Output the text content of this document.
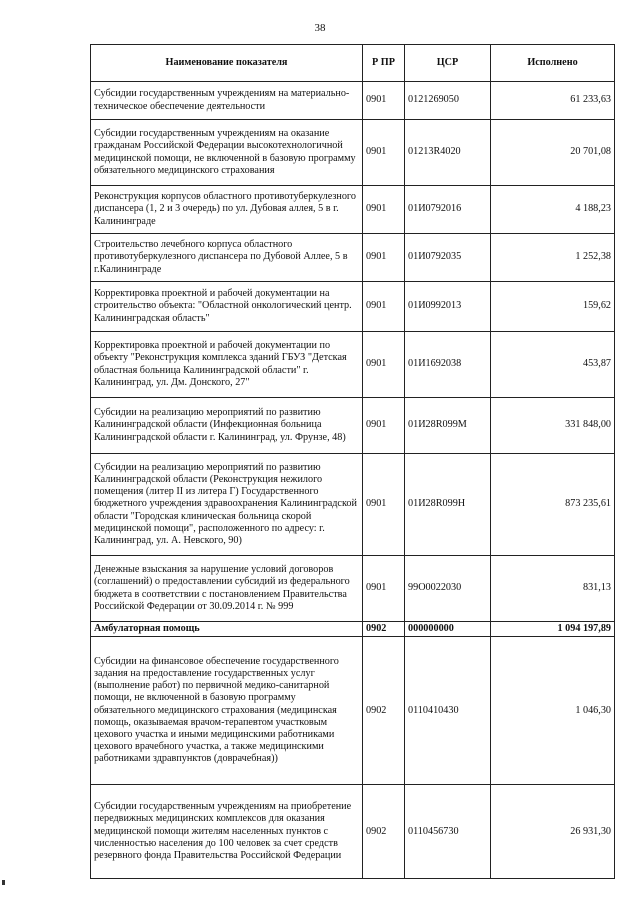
38
Наименование показателя	Р ПР	ЦСР	Исполнено
Субсидии государственным учреждениям на материально-техническое обеспечение деятельности	0901	0121269050	61 233,63
Субсидии государственным учреждениям на оказание гражданам Российской Федерации высокотехнологичной медицинской помощи, не включенной в базовую программу обязательного медицинского страхования	0901	01213R4020	20 701,08
Реконструкция корпусов областного противотуберкулезного диспансера (1, 2 и 3 очередь) по ул. Дубовая аллея, 5 в г. Калининграде	0901	01И0792016	4 188,23
Строительство лечебного корпуса областного противотуберкулезного диспансера по Дубовой Аллее, 5 в г.Калининграде	0901	01И0792035	1 252,38
Корректировка проектной и рабочей документации на строительство объекта: "Областной онкологический центр. Калининградская область"	0901	01И0992013	159,62
Корректировка проектной и рабочей документации по объекту "Реконструкция комплекса зданий ГБУЗ "Детская областная больница Калининградской области" г. Калининград, ул. Дм. Донского, 27"	0901	01И1692038	453,87
Субсидии на реализацию мероприятий по развитию Калининградской области (Инфекционная больница Калининградской области г. Калининград, ул. Фрунзе, 48)	0901	01И28R099M	331 848,00
Субсидии на реализацию мероприятий по развитию Калининградской области (Реконструкция нежилого помещения (литер II из литера Г) Государственного бюджетного учреждения здравоохранения Калининградской области "Городская клиническая больница скорой медицинской помощи", расположенного по адресу: г. Калининград, ул. А. Невского, 90)	0901	01И28R099Н	873 235,61
Денежные взыскания за нарушение условий договоров (соглашений) о предоставлении субсидий из федерального бюджета в соответствии с постановлением Правительства Российской Федерации от 30.09.2014 г. № 999	0901	99О0022030	831,13
Амбулаторная помощь	0902	000000000	1 094 197,89
Субсидии на финансовое обеспечение государственного задания на предоставление государственных услуг (выполнение работ) по первичной медико-санитарной помощи, не включенной в базовую программу обязательного медицинского страхования (медицинская помощь, оказываемая врачом-терапевтом участковым цехового участка и иными медицинскими работниками цехового врачебного участка, а также медицинскими работниками здравпунктов (доврачебная))	0902	0110410430	1 046,30
Субсидии государственным учреждениям на приобретение передвижных медицинских комплексов для оказания медицинской помощи жителям населенных пунктов с численностью населения до 100 человек за счет средств резервного фонда Правительства Российской Федерации	0902	0110456730	26 931,30
